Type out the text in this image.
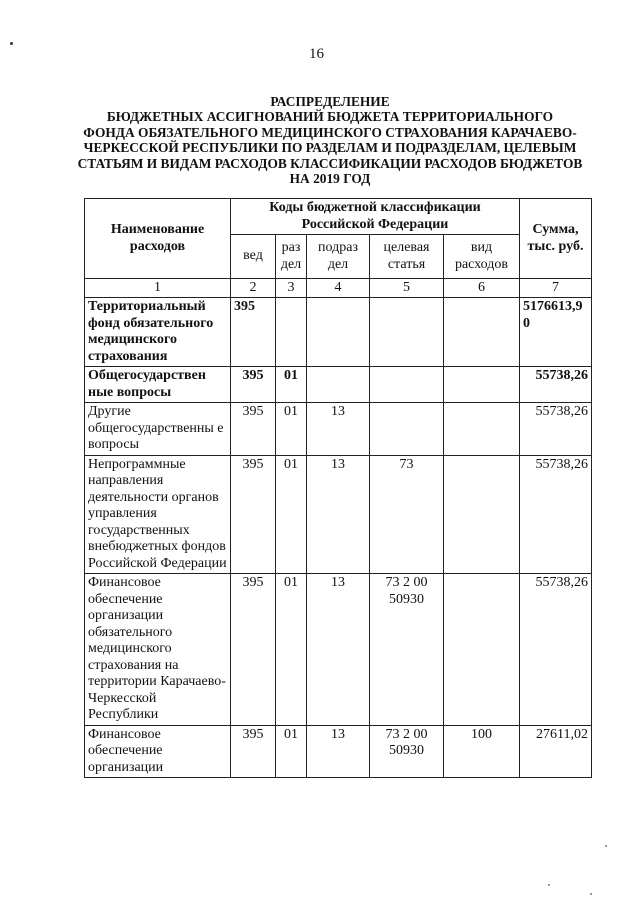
16
РАСПРЕДЕЛЕНИЕ
БЮДЖЕТНЫХ АССИГНОВАНИЙ БЮДЖЕТА ТЕРРИТОРИАЛЬНОГО
ФОНДА ОБЯЗАТЕЛЬНОГО МЕДИЦИНСКОГО СТРАХОВАНИЯ КАРАЧАЕВО-
ЧЕРКЕССКОЙ РЕСПУБЛИКИ ПО РАЗДЕЛАМ И ПОДРАЗДЕЛАМ, ЦЕЛЕВЫМ
СТАТЬЯМ И ВИДАМ РАСХОДОВ КЛАССИФИКАЦИИ РАСХОДОВ БЮДЖЕТОВ
НА 2019 ГОД
Наименование расходов	Коды бюджетной классификации Российской Федерации					Сумма, тыс. руб.
	вед	раз дел	подраз дел	целевая статья	вид расходов	
1	2	3	4	5	6	7
Территориальный фонд обязательного медицинского страхования	395					5176613,90
Общегосударствен ные вопросы	395	01				55738,26
Другие общегосударственны е вопросы	395	01	13			55738,26
Непрограммные направления деятельности органов управления государственных внебюджетных фондов Российской Федерации	395	01	13	73		55738,26
Финансовое обеспечение организации обязательного медицинского страхования на территории Карачаево-Черкесской Республики	395	01	13	73 2 00 50930		55738,26
Финансовое обеспечение организации	395	01	13	73 2 00 50930	100	27611,02
